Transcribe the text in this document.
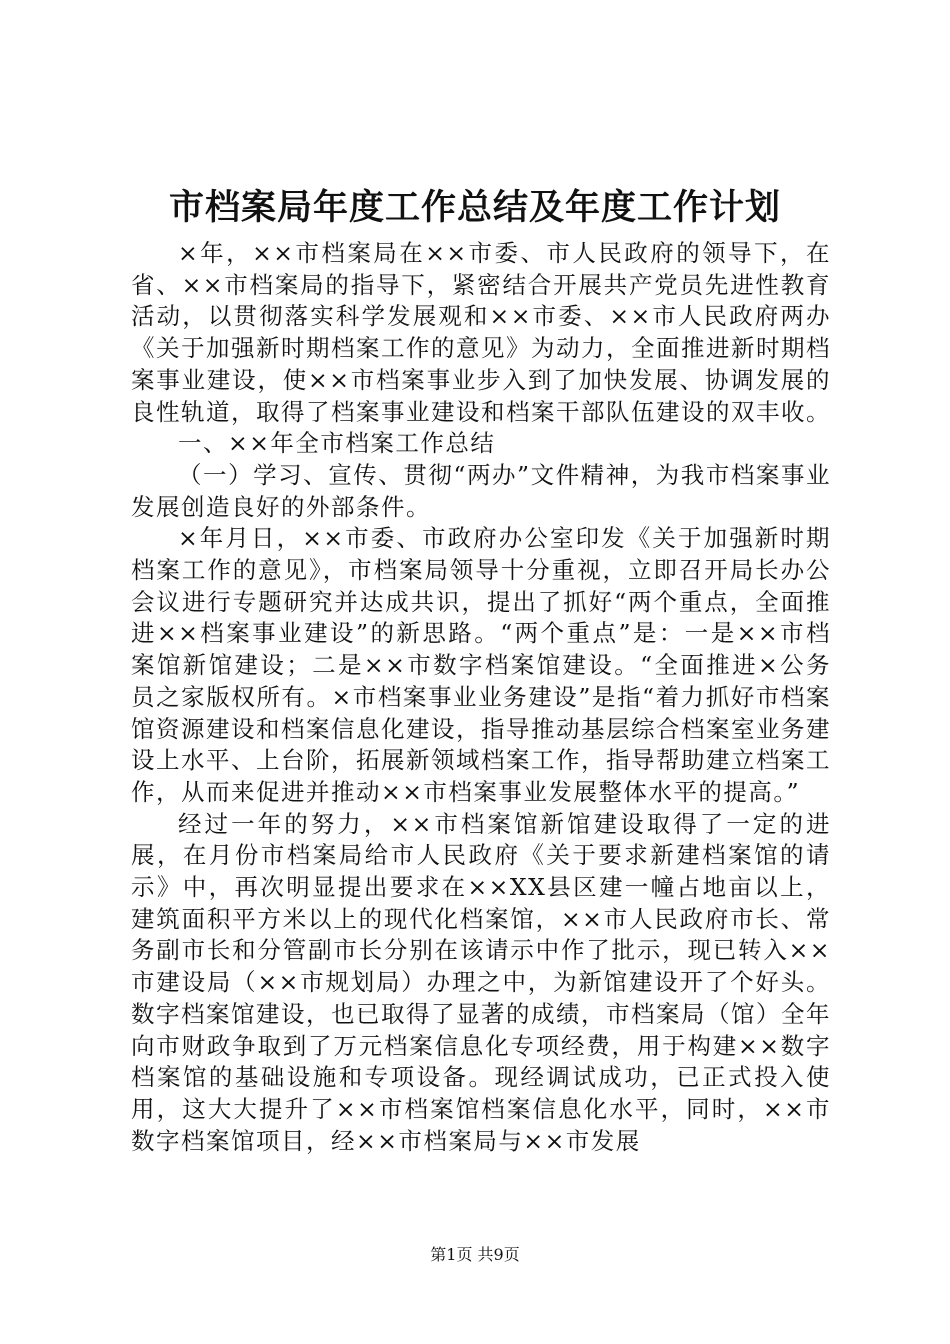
市档案局年度工作总结及年度工作计划

×年，××市档案局在××市委、市人民政府的领导下，在省、××市档案局的指导下，紧密结合开展共产党员先进性教育活动，以贯彻落实科学发展观和××市委、××市人民政府两办《关于加强新时期档案工作的意见》为动力，全面推进新时期档案事业建设，使××市档案事业步入到了加快发展、协调发展的良性轨道，取得了档案事业建设和档案干部队伍建设的双丰收。

一、××年全市档案工作总结

（一）学习、宣传、贯彻“两办”文件精神，为我市档案事业发展创造良好的外部条件。

×年月日，××市委、市政府办公室印发《关于加强新时期档案工作的意见》，市档案局领导十分重视，立即召开局长办公会议进行专题研究并达成共识，提出了抓好“两个重点，全面推进××档案事业建设”的新思路。“两个重点”是：一是××市档案馆新馆建设；二是××市数字档案馆建设。“全面推进×公务员之家版权所有。×市档案事业业务建设”是指“着力抓好市档案馆资源建设和档案信息化建设，指导推动基层综合档案室业务建设上水平、上台阶，拓展新领域档案工作，指导帮助建立档案工作，从而来促进并推动××市档案事业发展整体水平的提高。”

经过一年的努力，××市档案馆新馆建设取得了一定的进展，在月份市档案局给市人民政府《关于要求新建档案馆的请示》中，再次明显提出要求在××XX县区建一幢占地亩以上，建筑面积平方米以上的现代化档案馆，××市人民政府市长、常务副市长和分管副市长分别在该请示中作了批示，现已转入××市建设局（××市规划局）办理之中，为新馆建设开了个好头。数字档案馆建设，也已取得了显著的成绩，市档案局（馆）全年向市财政争取到了万元档案信息化专项经费，用于构建××数字档案馆的基础设施和专项设备。现经调试成功，已正式投入使用，这大大提升了××市档案馆档案信息化水平，同时，××市数字档案馆项目，经××市档案局与××市发展

第1页 共9页
